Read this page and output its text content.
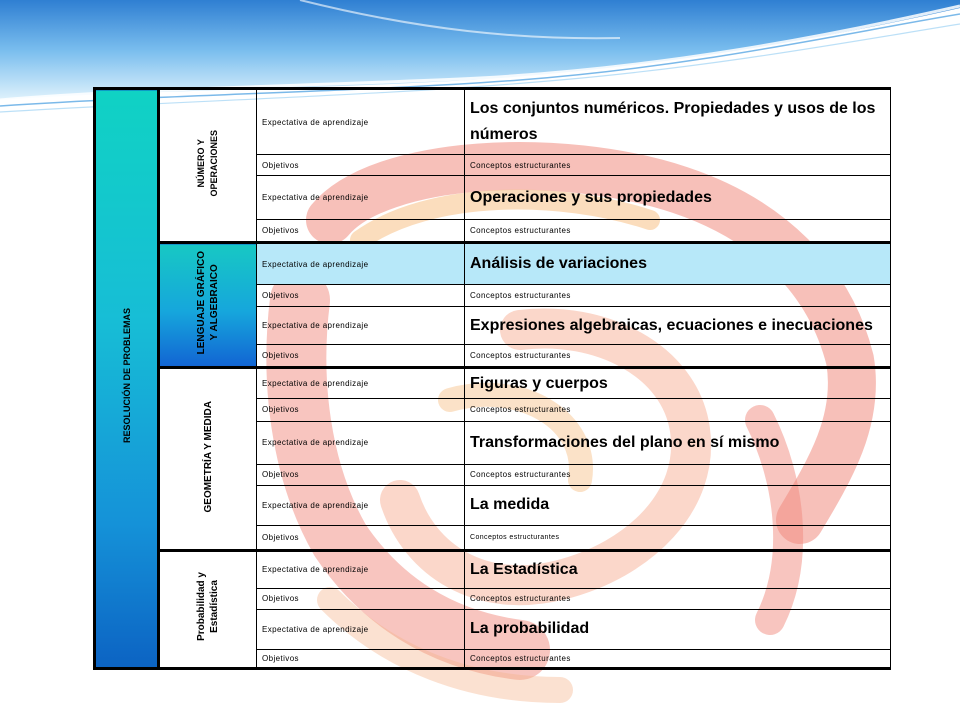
RESOLUCIÓN DE PROBLEMAS	NÚMERO Y OPERACIONES	Expectativa de aprendizaje	Los conjuntos numéricos. Propiedades y usos de los números
		Objetivos	Conceptos estructurantes
		Expectativa de aprendizaje	Operaciones y sus propiedades
		Objetivos	Conceptos estructurantes
	LENGUAJE GRÁFICO Y ALGEBRAICO	Expectativa de aprendizaje	Análisis de variaciones
		Objetivos	Conceptos estructurantes
		Expectativa de aprendizaje	Expresiones algebraicas, ecuaciones e inecuaciones
		Objetivos	Conceptos estructurantes
	GEOMETRÍA Y MEDIDA	Expectativa de aprendizaje	Figuras y cuerpos
		Objetivos	Conceptos estructurantes
		Expectativa de aprendizaje	Transformaciones del plano en sí mismo
		Objetivos	Conceptos estructurantes
		Expectativa de aprendizaje	La medida
		Objetivos	Conceptos estructurantes
	Probabilidad y Estadística	Expectativa de aprendizaje	La Estadística
		Objetivos	Conceptos estructurantes
		Expectativa de aprendizaje	La probabilidad
		Objetivos	Conceptos estructurantes
